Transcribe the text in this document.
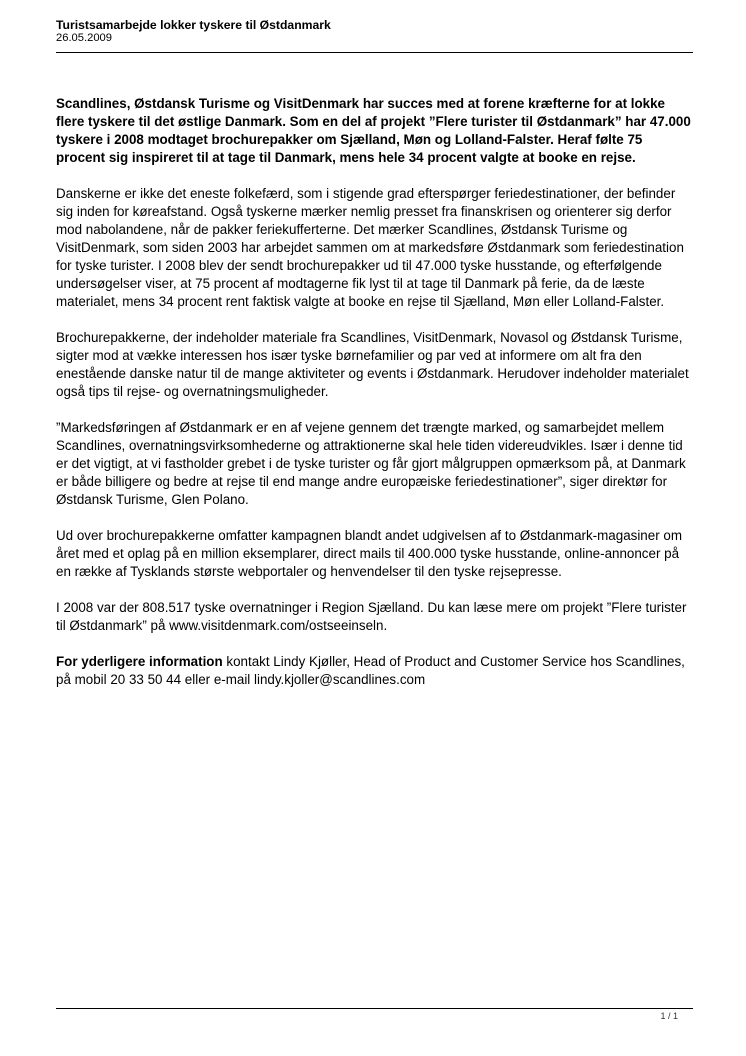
Turistsamarbejde lokker tyskere til Østdanmark

26.05.2009

Scandlines, Østdansk Turisme og VisitDenmark har succes med at forene kræfterne for at lokke flere tyskere til det østlige Danmark. Som en del af projekt ”Flere turister til Østdanmark” har 47.000 tyskere i 2008 modtaget brochurepakker om Sjælland, Møn og Lolland-Falster. Heraf følte 75 procent sig inspireret til at tage til Danmark, mens hele 34 procent valgte at booke en rejse.

Danskerne er ikke det eneste folkefærd, som i stigende grad efterspørger feriedestinationer, der befinder sig inden for køreafstand. Også tyskerne mærker nemlig presset fra finanskrisen og orienterer sig derfor mod nabolandene, når de pakker feriekufferterne. Det mærker Scandlines, Østdansk Turisme og VisitDenmark, som siden 2003 har arbejdet sammen om at markedsføre Østdanmark som feriedestination for tyske turister. I 2008 blev der sendt brochurepakker ud til 47.000 tyske husstande, og efterfølgende undersøgelser viser, at 75 procent af modtagerne fik lyst til at tage til Danmark på ferie, da de læste materialet, mens 34 procent rent faktisk valgte at booke en rejse til Sjælland, Møn eller Lolland-Falster.

Brochurepakkerne, der indeholder materiale fra Scandlines, VisitDenmark, Novasol og Østdansk Turisme, sigter mod at vække interessen hos især tyske børnefamilier og par ved at informere om alt fra den enestående danske natur til de mange aktiviteter og events i Østdanmark. Herudover indeholder materialet også tips til rejse- og overnatningsmuligheder.

”Markedsføringen af Østdanmark er en af vejene gennem det trængte marked, og samarbejdet mellem Scandlines, overnatningsvirksomhederne og attraktionerne skal hele tiden videreudvikles. Især i denne tid er det vigtigt, at vi fastholder grebet i de tyske turister og får gjort målgruppen opmærksom på, at Danmark er både billigere og bedre at rejse til end mange andre europæiske feriedestinationer”, siger direktør for Østdansk Turisme, Glen Polano.

Ud over brochurepakkerne omfatter kampagnen blandt andet udgivelsen af to Østdanmark-magasiner om året med et oplag på en million eksemplarer, direct mails til 400.000 tyske husstande, online-annoncer på en række af Tysklands største webportaler og henvendelser til den tyske rejsepresse.

I 2008 var der 808.517 tyske overnatninger i Region Sjælland. Du kan læse mere om projekt ”Flere turister til Østdanmark” på www.visitdenmark.com/ostseeinseln.

For yderligere information kontakt Lindy Kjøller, Head of Product and Customer Service hos Scandlines, på mobil 20 33 50 44 eller e-mail lindy.kjoller@scandlines.com

1 / 1
